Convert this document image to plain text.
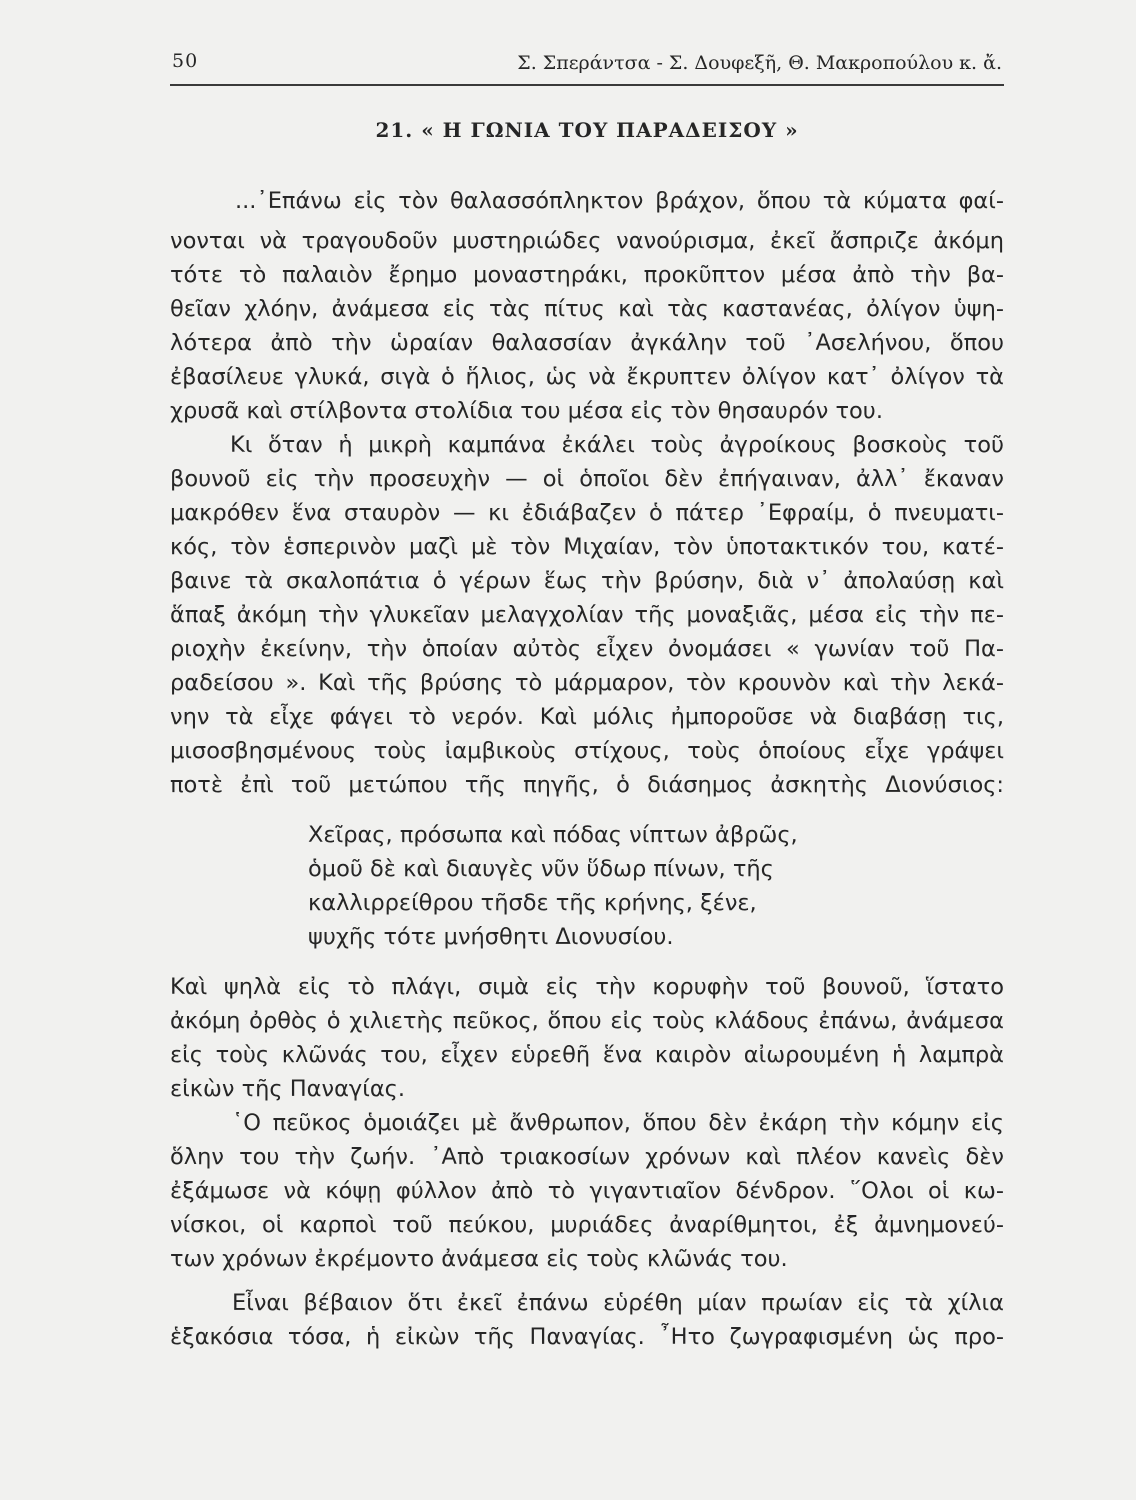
50	Σ. Σπεράντσα - Σ. Δουφεξῆ, Θ. Μακροπούλου κ. ἄ.
21. « Η ΓΩΝΙΑ ΤΟΥ ΠΑΡΑΔΕΙΣΟΥ »
...᾽Επάνω εἰς τὸν θαλασσόπληκτον βράχον, ὅπου τὰ κύματα φαί-
νονται νὰ τραγουδοῦν μυστηριώδες νανούρισμα, ἐκεῖ ἄσπριζε ἀκόμη
τότε τὸ παλαιὸν ἔρημο μοναστηράκι, προκῦπτον μέσα ἀπὸ τὴν βα-
θεῖαν χλόην, ἀνάμεσα εἰς τὰς πίτυς καὶ τὰς καστανέας, ὀλίγον ὑψη-
λότερα ἀπὸ τὴν ὡραίαν θαλασσίαν ἀγκάλην τοῦ ᾽Ασελήνου, ὅπου
ἐβασίλευε γλυκά, σιγὰ ὁ ἥλιος, ὡς νὰ ἔκρυπτεν ὀλίγον κατ᾽ ὀλίγον τὰ
χρυσᾶ καὶ στίλβοντα στολίδια του μέσα εἰς τὸν θησαυρόν του.
Κι ὅταν ἡ μικρὴ καμπάνα ἐκάλει τοὺς ἀγροίκους βοσκοὺς τοῦ
βουνοῦ εἰς τὴν προσευχὴν — οἱ ὁποῖοι δὲν ἐπήγαιναν, ἀλλ᾽ ἔκαναν
μακρόθεν ἕνα σταυρὸν — κι ἐδιάβαζεν ὁ πάτερ ᾽Εφραίμ, ὁ πνευματι-
κός, τὸν ἑσπερινὸν μαζὶ μὲ τὸν Μιχαίαν, τὸν ὑποτακτικόν του, κατέ-
βαινε τὰ σκαλοπάτια ὁ γέρων ἕως τὴν βρύσην, διὰ ν᾽ ἀπολαύσῃ καὶ
ἅπαξ ἀκόμη τὴν γλυκεῖαν μελαγχολίαν τῆς μοναξιᾶς, μέσα εἰς τὴν πε-
ριοχὴν ἐκείνην, τὴν ὁποίαν αὐτὸς εἶχεν ὀνομάσει « γωνίαν τοῦ Πα-
ραδείσου ». Καὶ τῆς βρύσης τὸ μάρμαρον, τὸν κρουνὸν καὶ τὴν λεκά-
νην τὰ εἶχε φάγει τὸ νερόν. Καὶ μόλις ἠμποροῦσε νὰ διαβάσῃ τις,
μισοσβησμένους τοὺς ἰαμβικοὺς στίχους, τοὺς ὁποίους εἶχε γράψει
ποτὲ ἐπὶ τοῦ μετώπου τῆς πηγῆς, ὁ διάσημος ἀσκητὴς Διονύσιος:
Χεῖρας, πρόσωπα καὶ πόδας νίπτων ἀβρῶς,
ὁμοῦ δὲ καὶ διαυγὲς νῦν ὕδωρ πίνων, τῆς
καλλιρρείθρου τῆσδε τῆς κρήνης, ξένε,
ψυχῆς τότε μνήσθητι Διονυσίου.
Καὶ ψηλὰ εἰς τὸ πλάγι, σιμὰ εἰς τὴν κορυφὴν τοῦ βουνοῦ, ἵστατο
ἀκόμη ὀρθὸς ὁ χιλιετὴς πεῦκος, ὅπου εἰς τοὺς κλάδους ἐπάνω, ἀνάμεσα
εἰς τοὺς κλῶνάς του, εἶχεν εὑρεθῆ ἕνα καιρὸν αἰωρουμένη ἡ λαμπρὰ
εἰκὼν τῆς Παναγίας.
῾Ο πεῦκος ὁμοιάζει μὲ ἄνθρωπον, ὅπου δὲν ἐκάρη τὴν κόμην εἰς
ὅλην του τὴν ζωήν. ᾽Απὸ τριακοσίων χρόνων καὶ πλέον κανεὶς δὲν
ἐξάμωσε νὰ κόψῃ φύλλον ἀπὸ τὸ γιγαντιαῖον δένδρον. ῞Ολοι οἱ κω-
νίσκοι, οἱ καρποὶ τοῦ πεύκου, μυριάδες ἀναρίθμητοι, ἐξ ἀμνημονεύ-
των χρόνων ἐκρέμοντο ἀνάμεσα εἰς τοὺς κλῶνάς του.
Εἶναι βέβαιον ὅτι ἐκεῖ ἐπάνω εὑρέθη μίαν πρωίαν εἰς τὰ χίλια
ἑξακόσια τόσα, ἡ εἰκὼν τῆς Παναγίας. ῏Ητο ζωγραφισμένη ὡς προ-
